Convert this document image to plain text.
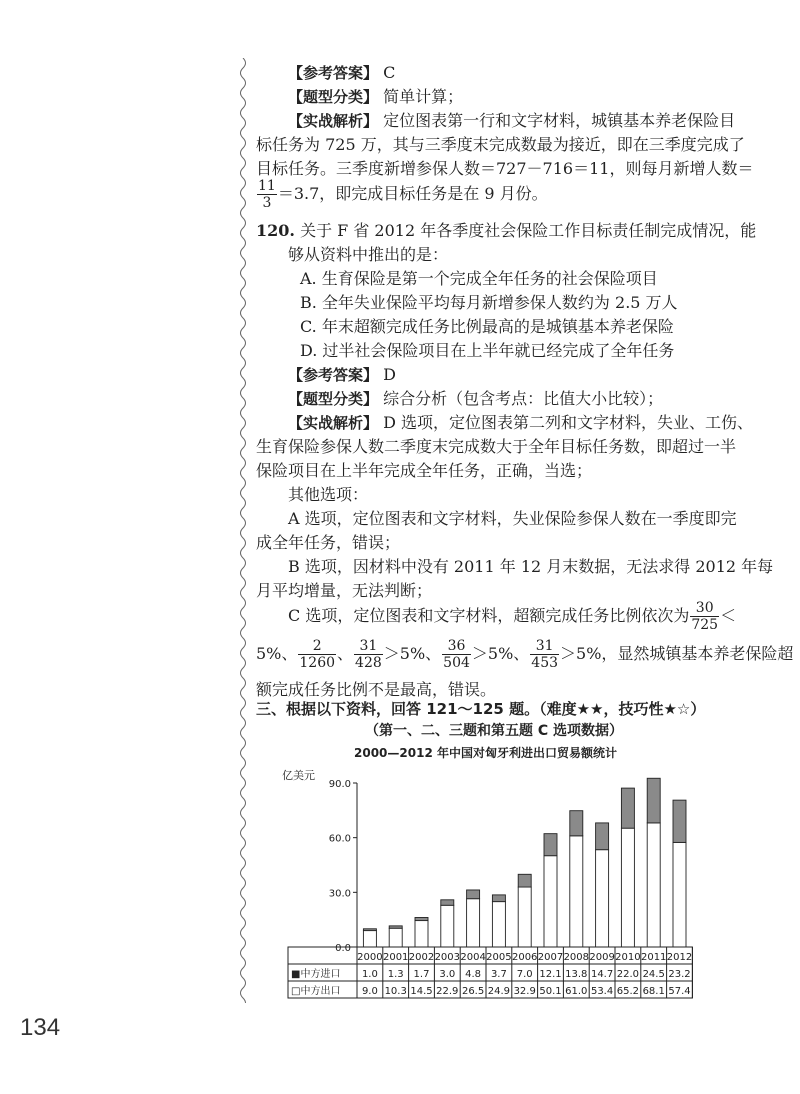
【参考答案】 C
【题型分类】 简单计算；
【实战解析】 定位图表第一行和文字材料，城镇基本养老保险目
标任务为 725 万，其与三季度末完成数最为接近，即在三季度完成了
目标任务。三季度新增参保人数＝727－716＝11，则每月新增人数＝
$\frac{11}{3} =3.7$，即完成目标任务是在 9 月份。
120. 关于 F 省 2012 年各季度社会保险工作目标责任制完成情况，能
够从资料中推出的是：
A. 生育保险是第一个完成全年任务的社会保险项目
B. 全年失业保险平均每月新增参保人数约为 2.5 万人
C. 年末超额完成任务比例最高的是城镇基本养老保险
D. 过半社会保险项目在上半年就已经完成了全年任务
【参考答案】 D
【题型分类】 综合分析（包含考点：比值大小比较）；
【实战解析】 D 选项，定位图表第二列和文字材料，失业、工伤、
生育保险参保人数二季度末完成数大于全年目标任务数，即超过一半
保险项目在上半年完成全年任务，正确，当选；
其他选项：
A 选项，定位图表和文字材料，失业保险参保人数在一季度即完
成全年任务，错误；
B 选项，因材料中没有 2011 年 12 月末数据，无法求得 2012 年每
月平均增量，无法判断；
C 选项，定位图表和文字材料，超额完成任务比例依次为 $\frac{30}{725}$ ＜
5%、 $\frac{2}{1260}$ 、 $\frac{31}{428} >5\%$、 $\frac{36}{504} >5\%$、 $\frac{31}{453} >5\%$，显然城镇基本养老保险超
额完成任务比例不是最高，错误。
三、根据以下资料，回答 121～125 题。（难度★★，技巧性★☆）
（第一、二、三题和第五题 C 选项数据）
2000—2012 年中国对匈牙利进出口贸易额统计
亿美元
0.0
30.0
60.0
90.0
2000
1.0
9.0
2001
1.3
10.3
2002
1.7
14.5
2003
3.0
22.9
2004
4.8
26.5
2005
3.7
24.9
2006
7.0
32.9
2007
12.1
50.1
2008
13.8
61.0
2009
14.7
53.4
2010
22.0
65.2
2011
24.5
68.1
2012
23.2
57.4
■中方进口
□中方出口
134
